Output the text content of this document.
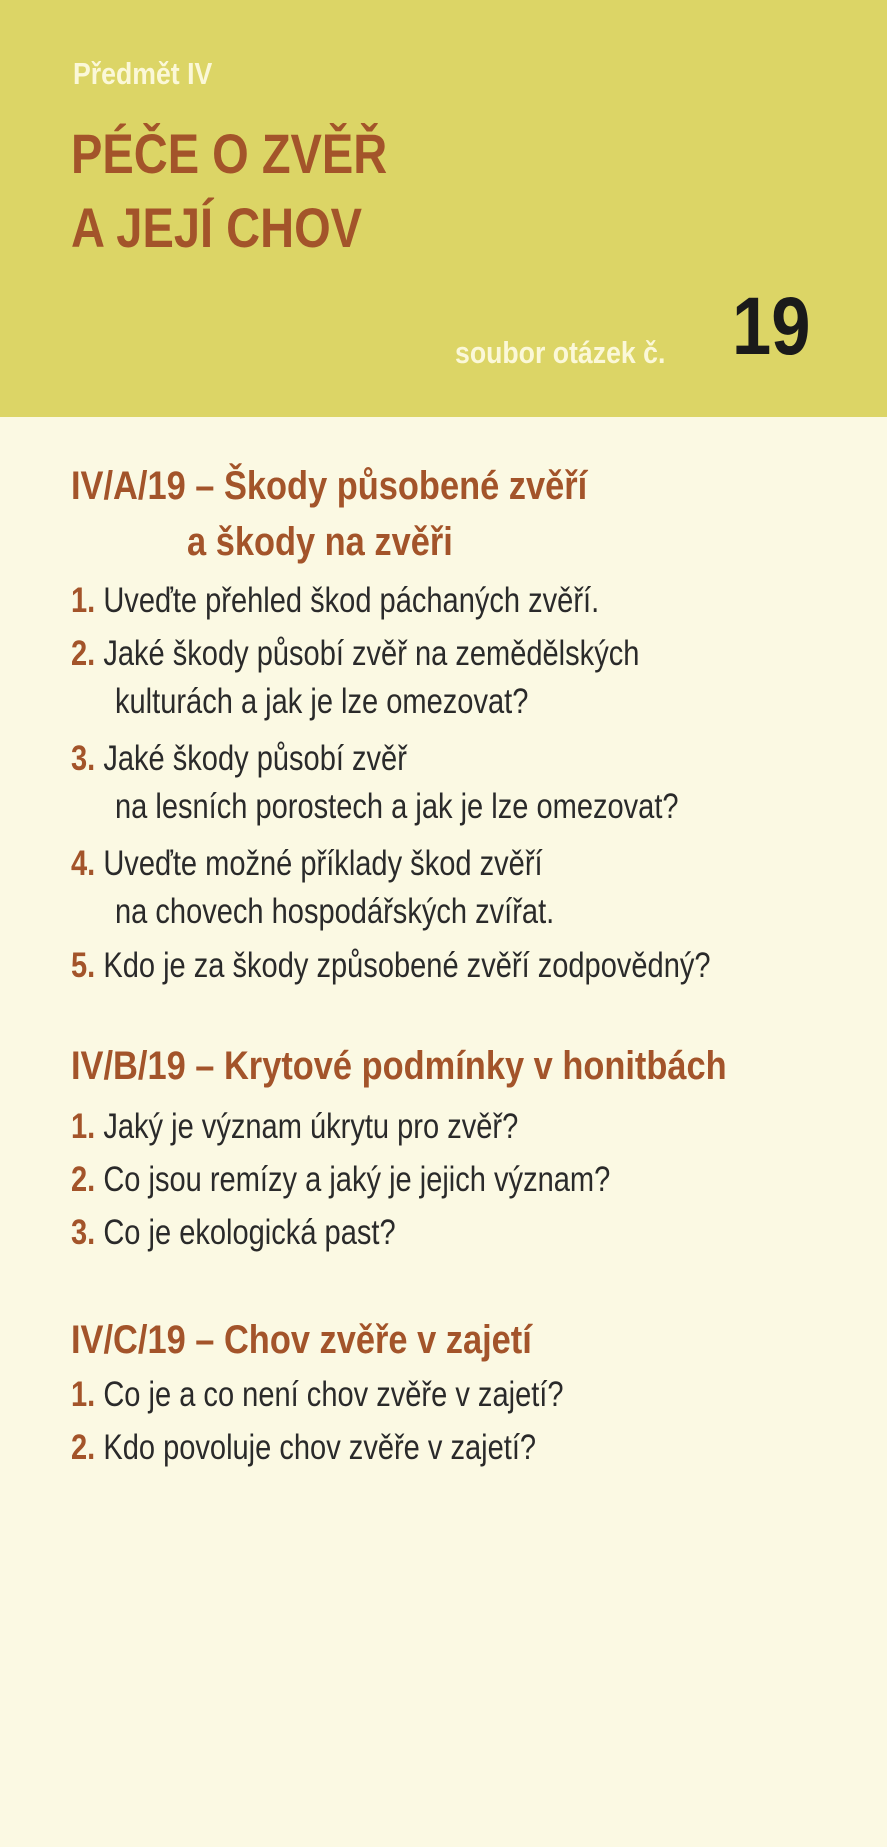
Předmět IV
PÉČE O ZVĚŘ
A JEJÍ CHOV
soubor otázek č. 19
IV/A/19 – Škody působené zvěří
a škody na zvěři
1. Uveďte přehled škod páchaných zvěří.
2. Jaké škody působí zvěř na zemědělských
kulturách a jak je lze omezovat?
3. Jaké škody působí zvěř
na lesních porostech a jak je lze omezovat?
4. Uveďte možné příklady škod zvěří
na chovech hospodářských zvířat.
5. Kdo je za škody způsobené zvěří zodpovědný?
IV/B/19 – Krytové podmínky v honitbách
1. Jaký je význam úkrytu pro zvěř?
2. Co jsou remízy a jaký je jejich význam?
3. Co je ekologická past?
IV/C/19 – Chov zvěře v zajetí
1. Co je a co není chov zvěře v zajetí?
2. Kdo povoluje chov zvěře v zajetí?
